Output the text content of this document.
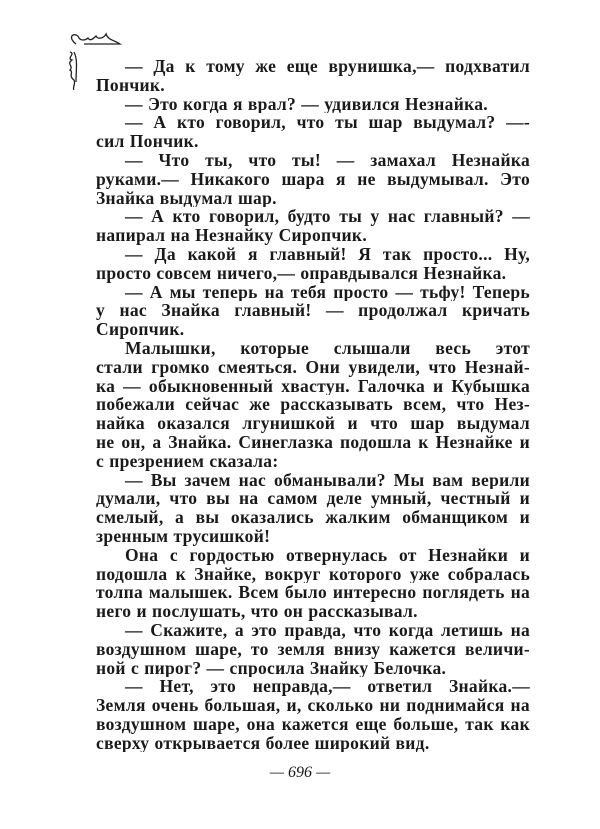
— Да к тому же еще врунишка,— подхватил
Пончик.
— Это когда я врал? — удивился Незнайка.
— А кто говорил, что ты шар выдумал? —-
сил Пончик.
— Что ты, что ты! — замахал Незнайка
руками.— Никакого шара я не выдумывал. Это
Знайка выдумал шар.
— А кто говорил, будто ты у нас главный? —
напирал на Незнайку Сиропчик.
— Да какой я главный! Я так просто... Ну,
просто совсем ничего,— оправдывался Незнайка.
— А мы теперь на тебя просто — тьфу! Теперь
у нас Знайка главный! — продолжал кричать
Сиропчик.
Малышки, которые слышали весь этот
стали громко смеяться. Они увидели, что Незнай-
ка — обыкновенный хвастун. Галочка и Кубышка
побежали сейчас же рассказывать всем, что Нез-
найка оказался лгунишкой и что шар выдумал
не он, а Знайка. Синеглазка подошла к Незнайке и
с презрением сказала:
— Вы зачем нас обманывали? Мы вам верили
думали, что вы на самом деле умный, честный и
смелый, а вы оказались жалким обманщиком и
зренным трусишкой!
Она с гордостью отвернулась от Незнайки и
подошла к Знайке, вокруг которого уже собралась
толпа малышек. Всем было интересно поглядеть на
него и послушать, что он рассказывал.
— Скажите, а это правда, что когда летишь на
воздушном шаре, то земля внизу кажется величи-
ной с пирог? — спросила Знайку Белочка.
— Нет, это неправда,— ответил Знайка.—
Земля очень большая, и, сколько ни поднимайся на
воздушном шаре, она кажется еще больше, так как
сверху открывается более широкий вид.
— 696 —
